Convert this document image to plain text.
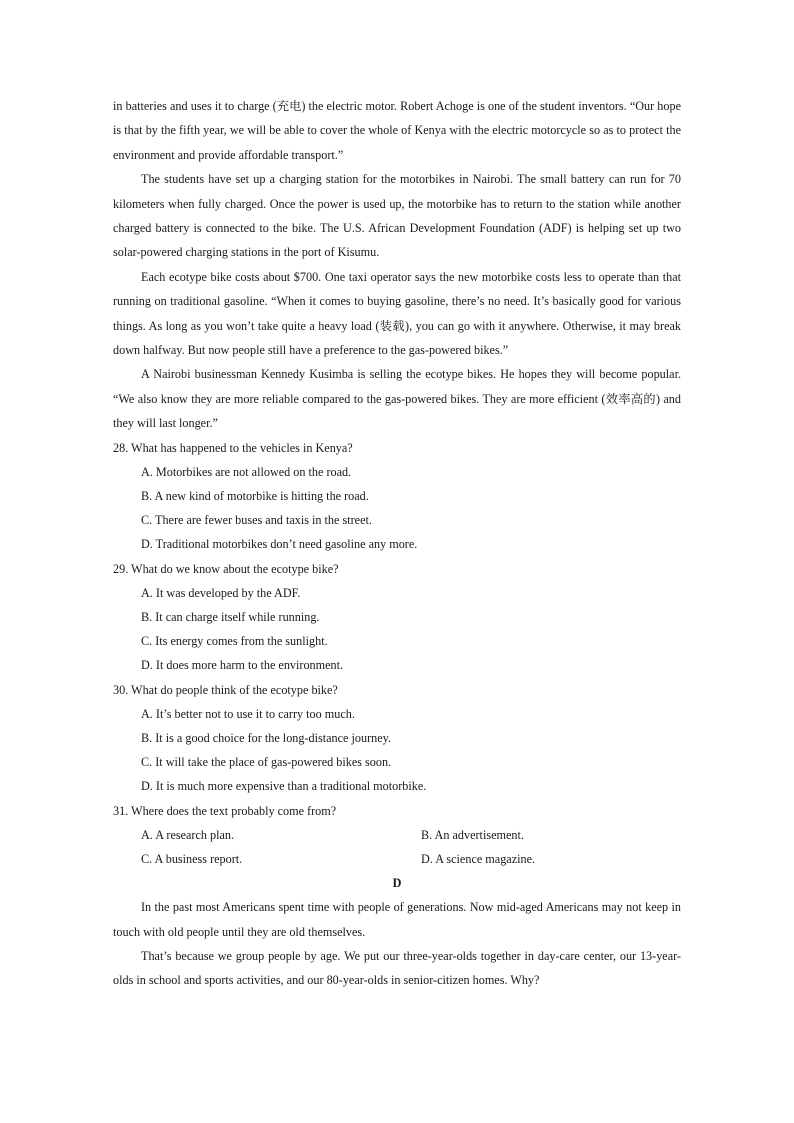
in batteries and uses it to charge (充电) the electric motor. Robert Achoge is one of the student inventors. “Our hope is that by the fifth year, we will be able to cover the whole of Kenya with the electric motorcycle so as to protect the environment and provide affordable transport.”

The students have set up a charging station for the motorbikes in Nairobi. The small battery can run for 70 kilometers when fully charged. Once the power is used up, the motorbike has to return to the station while another charged battery is connected to the bike. The U.S. African Development Foundation (ADF) is helping set up two solar-powered charging stations in the port of Kisumu.

Each ecotype bike costs about $700. One taxi operator says the new motorbike costs less to operate than that running on traditional gasoline. “When it comes to buying gasoline, there’s no need. It’s basically good for various things. As long as you won’t take quite a heavy load (装载), you can go with it anywhere. Otherwise, it may break down halfway. But now people still have a preference to the gas-powered bikes.”

A Nairobi businessman Kennedy Kusimba is selling the ecotype bikes. He hopes they will become popular. “We also know they are more reliable compared to the gas-powered bikes. They are more efficient (效率高的) and they will last longer.”

28. What has happened to the vehicles in Kenya?

A. Motorbikes are not allowed on the road.

B. A new kind of motorbike is hitting the road.

C. There are fewer buses and taxis in the street.

D. Traditional motorbikes don’t need gasoline any more.

29. What do we know about the ecotype bike?

A. It was developed by the ADF.

B. It can charge itself while running.

C. Its energy comes from the sunlight.

D. It does more harm to the environment.

30. What do people think of the ecotype bike?

A. It’s better not to use it to carry too much.

B. It is a good choice for the long-distance journey.

C. It will take the place of gas-powered bikes soon.

D. It is much more expensive than a traditional motorbike.

31. Where does the text probably come from?

A. A research plan.	B. An advertisement.
C. A business report.	D. A science magazine.

D

In the past most Americans spent time with people of generations. Now mid-aged Americans may not keep in touch with old people until they are old themselves.

That’s because we group people by age. We put our three-year-olds together in day-care center, our 13-year-olds in school and sports activities, and our 80-year-olds in senior-citizen homes. Why?
